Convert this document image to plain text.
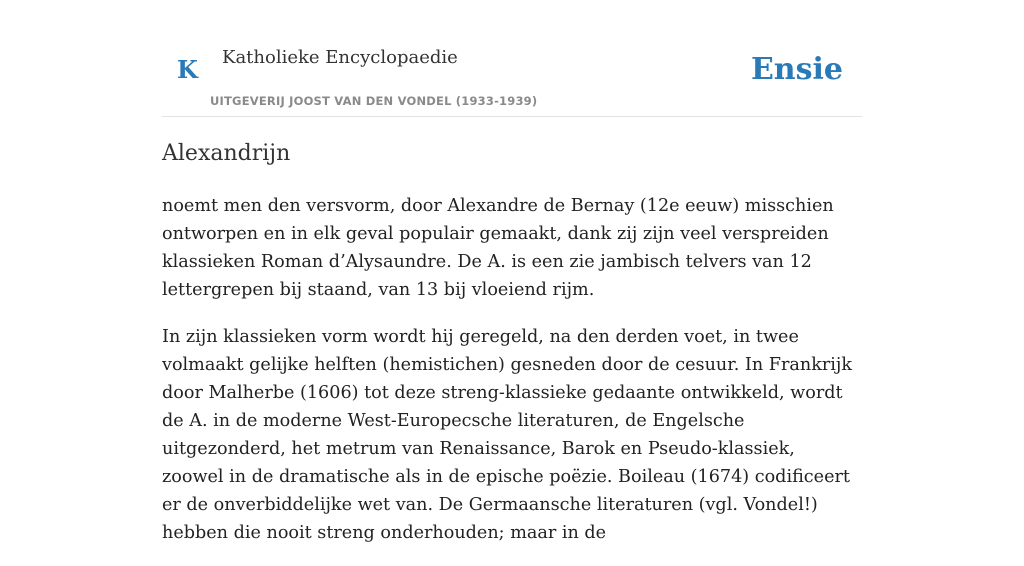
K Katholieke Encyclopaedie
UITGEVERIJ JOOST VAN DEN VONDEL (1933-1939)
Ensie
Alexandrijn

noemt men den versvorm, door Alexandre de Bernay (12e eeuw) misschien ontworpen en in elk geval populair gemaakt, dank zij zijn veel verspreiden klassieken Roman d’Alysaundre. De A. is een zie jambisch telvers van 12 lettergrepen bij staand, van 13 bij vloeiend rijm.

In zijn klassieken vorm wordt hij geregeld, na den derden voet, in twee volmaakt gelijke helften (hemistichen) gesneden door de cesuur. In Frankrijk door Malherbe (1606) tot deze streng-klassieke gedaante ontwikkeld, wordt de A. in de moderne West-Europecsche literaturen, de Engelsche uitgezonderd, het metrum van Renaissance, Barok en Pseudo-klassiek, zoowel in de dramatische als in de epische poëzie. Boileau (1674) codificeert er de onverbiddelijke wet van. De Germaansche literaturen (vgl. Vondel!) hebben die nooit streng onderhouden; maar in de
